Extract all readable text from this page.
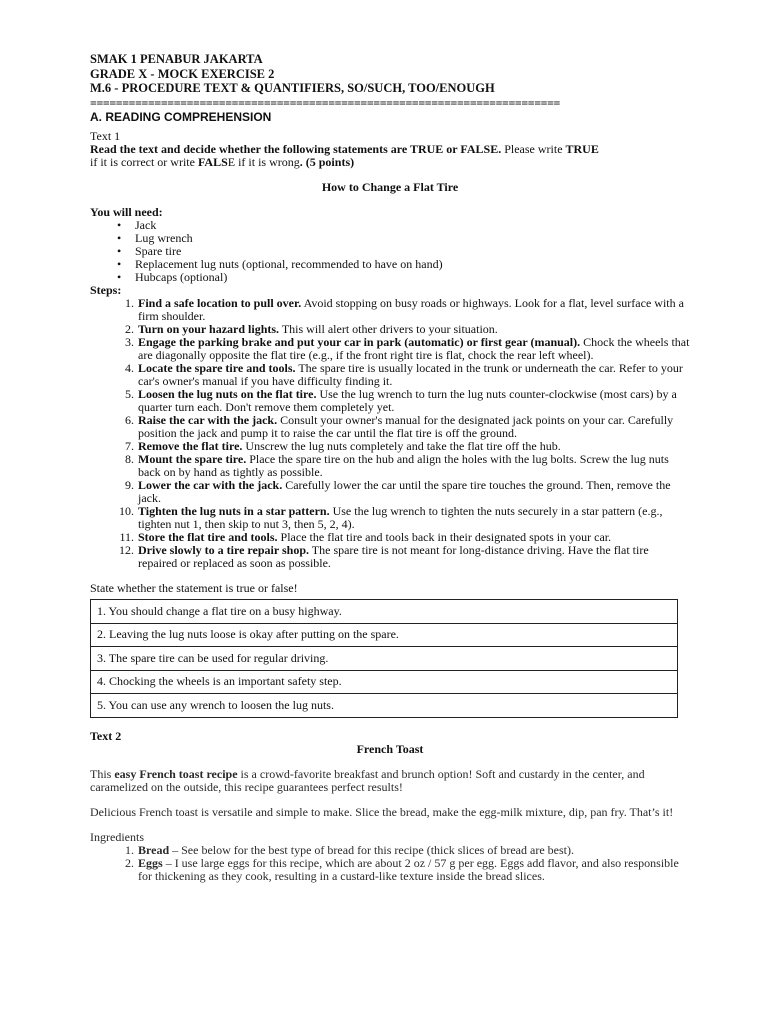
SMAK 1 PENABUR JAKARTA
GRADE X - MOCK EXERCISE 2
M.6 - PROCEDURE TEXT & QUANTIFIERS, SO/SUCH, TOO/ENOUGH
=========================================================================
A. READING COMPREHENSION
Text 1
Read the text and decide whether the following statements are TRUE or FALSE. Please write TRUE
if it is correct or write FALSE if it is wrong. (5 points)
How to Change a Flat Tire
You will need:
• Jack
• Lug wrench
• Spare tire
• Replacement lug nuts (optional, recommended to have on hand)
• Hubcaps (optional)
Steps:
1. Find a safe location to pull over. Avoid stopping on busy roads or highways. Look for a flat, level surface with a firm shoulder.
2. Turn on your hazard lights. This will alert other drivers to your situation.
3. Engage the parking brake and put your car in park (automatic) or first gear (manual). Chock the wheels that are diagonally opposite the flat tire (e.g., if the front right tire is flat, chock the rear left wheel).
4. Locate the spare tire and tools. The spare tire is usually located in the trunk or underneath the car. Refer to your car's owner's manual if you have difficulty finding it.
5. Loosen the lug nuts on the flat tire. Use the lug wrench to turn the lug nuts counter-clockwise (most cars) by a quarter turn each. Don't remove them completely yet.
6. Raise the car with the jack. Consult your owner's manual for the designated jack points on your car. Carefully position the jack and pump it to raise the car until the flat tire is off the ground.
7. Remove the flat tire. Unscrew the lug nuts completely and take the flat tire off the hub.
8. Mount the spare tire. Place the spare tire on the hub and align the holes with the lug bolts. Screw the lug nuts back on by hand as tightly as possible.
9. Lower the car with the jack. Carefully lower the car until the spare tire touches the ground. Then, remove the jack.
10. Tighten the lug nuts in a star pattern. Use the lug wrench to tighten the nuts securely in a star pattern (e.g., tighten nut 1, then skip to nut 3, then 5, 2, 4).
11. Store the flat tire and tools. Place the flat tire and tools back in their designated spots in your car.
12. Drive slowly to a tire repair shop. The spare tire is not meant for long-distance driving. Have the flat tire repaired or replaced as soon as possible.
State whether the statement is true or false!
1. You should change a flat tire on a busy highway.
2. Leaving the lug nuts loose is okay after putting on the spare.
3. The spare tire can be used for regular driving.
4. Chocking the wheels is an important safety step.
5. You can use any wrench to loosen the lug nuts.
Text 2
French Toast
This easy French toast recipe is a crowd-favorite breakfast and brunch option! Soft and custardy in the center, and caramelized on the outside, this recipe guarantees perfect results!
Delicious French toast is versatile and simple to make. Slice the bread, make the egg-milk mixture, dip, pan fry. That’s it!
Ingredients
1. Bread – See below for the best type of bread for this recipe (thick slices of bread are best).
2. Eggs – I use large eggs for this recipe, which are about 2 oz / 57 g per egg. Eggs add flavor, and also responsible for thickening as they cook, resulting in a custard-like texture inside the bread slices.
